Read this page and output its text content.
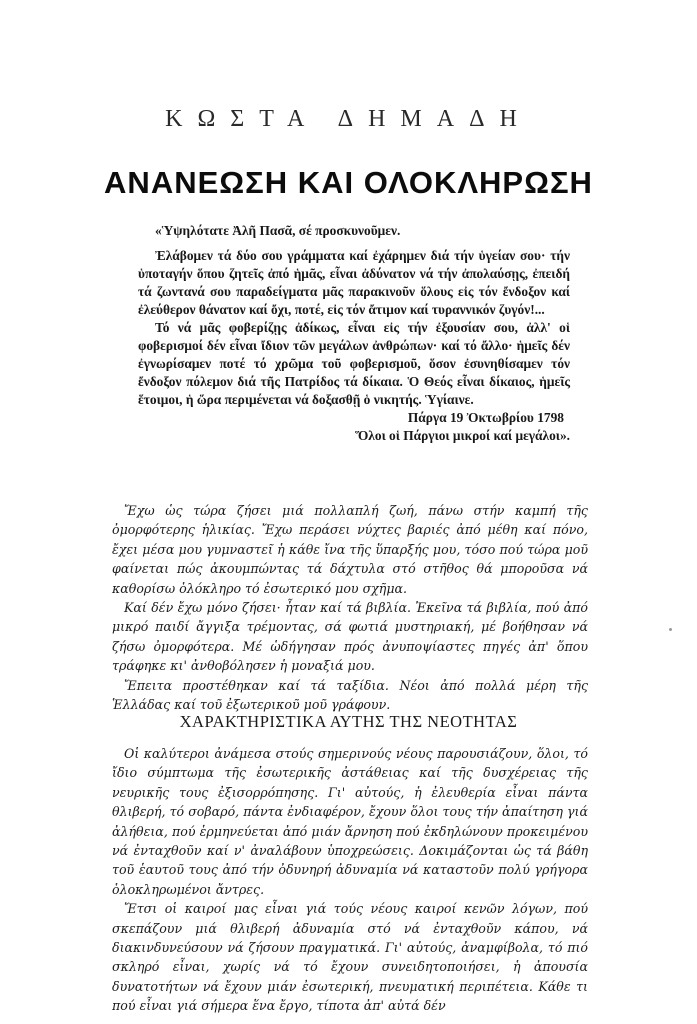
ΚΩΣΤΑ ΔΗΜΑΔΗ
ΑΝΑΝΕΩΣΗ ΚΑΙ ΟΛΟΚΛΗΡΩΣΗ

«Ὑψηλότατε Ἀλῆ Πασᾶ, σέ προσκυνοῦμεν.

Ἐλάβομεν τά δύο σου γράμματα καί ἐχάρημεν διά τήν ὑγείαν σου· τήν ὑποταγήν ὅπου ζητεῖς ἀπό ἡμᾶς, εἶναι ἀδύνατον νά τήν ἀπολαύσῃς, ἐπειδή τά ζωντανά σου παραδείγματα μᾶς παρακινοῦν ὅλους εἰς τόν ἔνδοξον καί ἐλεύθερον θάνατον καί ὄχι, ποτέ, εἰς τόν ἄτιμον καί τυραννικόν ζυγόν!...

Τό νά μᾶς φοβερίζῃς ἀδίκως, εἶναι εἰς τήν ἐξουσίαν σου, ἀλλ' οἱ φοβερισμοί δέν εἶναι ἴδιον τῶν μεγάλων ἀνθρώπων· καί τό ἄλλο· ἡμεῖς δέν ἐγνωρίσαμεν ποτέ τό χρῶμα τοῦ φοβερισμοῦ, ὅσον ἐσυνηθίσαμεν τόν ἔνδοξον πόλεμον διά τῆς Πατρίδος τά δίκαια. Ὁ Θεός εἶναι δίκαιος, ἡμεῖς ἕτοιμοι, ἡ ὥρα περιμένεται νά δοξασθῇ ὁ νικητής. Ὑγίαινε.

Πάργα 19 Ὀκτωβρίου 1798

Ὅλοι οἱ Πάργιοι μικροί καί μεγάλοι».

Ἔχω ὡς τώρα ζήσει μιά πολλαπλή ζωή, πάνω στήν καμπή τῆς ὀμορφότερης ἡλικίας. Ἔχω περάσει νύχτες βαριές ἀπό μέθη καί πόνο, ἔχει μέσα μου γυμναστεῖ ἡ κάθε ἴνα τῆς ὕπαρξής μου, τόσο πού τώρα μοῦ φαίνεται πώς ἀκουμπώντας τά δάχτυλα στό στῆθος θά μποροῦσα νά καθορίσω ὁλόκληρο τό ἐσωτερικό μου σχῆμα.

Καί δέν ἔχω μόνο ζήσει· ἦταν καί τά βιβλία. Ἐκεῖνα τά βιβλία, πού ἀπό μικρό παιδί ἄγγιξα τρέμοντας, σά φωτιά μυστηριακή, μέ βοήθησαν νά ζήσω ὀμορφότερα. Μέ ὡδήγησαν πρός ἀνυποψίαστες πηγές ἀπ' ὅπου τράφηκε κι' ἀνθοβόλησεν ἡ μοναξιά μου.

Ἔπειτα προστέθηκαν καί τά ταξίδια. Νέοι ἀπό πολλά μέρη τῆς Ἑλλάδας καί τοῦ ἐξωτερικοῦ μοῦ γράφουν.

ΧΑΡΑΚΤΗΡΙΣΤΙΚΑ ΑΥΤΗΣ ΤΗΣ ΝΕΟΤΗΤΑΣ

Οἱ καλύτεροι ἀνάμεσα στούς σημερινούς νέους παρουσιάζουν, ὅλοι, τό ἴδιο σύμπτωμα τῆς ἐσωτερικῆς ἀστάθειας καί τῆς δυσχέρειας τῆς νευρικῆς τους ἐξισορρόπησης. Γι' αὐτούς, ἡ ἐλευθερία εἶναι πάντα θλιβερή, τό σοβαρό, πάντα ἐνδιαφέρον, ἔχουν ὅλοι τους τήν ἀπαίτηση γιά ἀλήθεια, πού ἑρμηνεύεται ἀπό μιάν ἄρνηση πού ἐκδηλώνουν προκειμένου νά ἐνταχθοῦν καί ν' ἀναλάβουν ὑποχρεώσεις. Δοκιμάζονται ὡς τά βάθη τοῦ ἑαυτοῦ τους ἀπό τήν ὀδυνηρή ἀδυναμία νά καταστοῦν πολύ γρήγορα ὁλοκληρωμένοι ἄντρες.

Ἔτσι οἱ καιροί μας εἶναι γιά τούς νέους καιροί κενῶν λόγων, πού σκεπάζουν μιά θλιβερή ἀδυναμία στό νά ἐνταχθοῦν κάπου, νά διακινδυνεύσουν νά ζήσουν πραγματικά. Γι' αὐτούς, ἀναμφίβολα, τό πιό σκληρό εἶναι, χωρίς νά τό ἔχουν συνειδητοποιήσει, ἡ ἀπουσία δυνατοτήτων νά ἔχουν μιάν ἐσωτερική, πνευματική περιπέτεια. Κάθε τι πού εἶναι γιά σήμερα ἕνα ἔργο, τίποτα ἀπ' αὐτά δέν
